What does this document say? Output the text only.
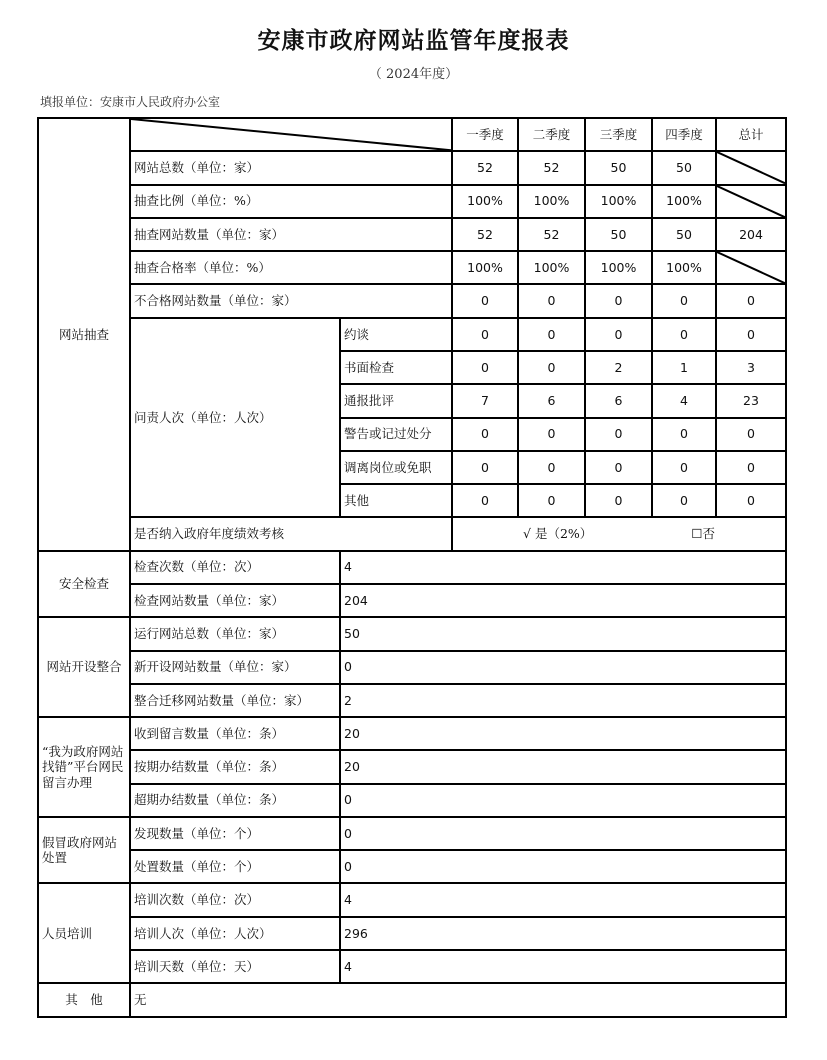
安康市政府网站监管年度报表
（ 2024年度）
填报单位：安康市人民政府办公室
网站抽查			一季度	二季度	三季度	四季度	总计
	网站总数（单位：家）		52	52	50	50	

	抽查比例（单位：%）		100%	100%	100%	100%	

	抽查网站数量（单位：家）		52	52	50	50	204
	抽查合格率（单位：%）		100%	100%	100%	100%	

	不合格网站数量（单位：家）		0	0	0	0	0
	问责人次（单位：人次）	约谈	0	0	0	0	0
		书面检查	0	0	2	1	3
		通报批评	7	6	6	4	23
		警告或记过处分	0	0	0	0	0
		调离岗位或免职	0	0	0	0	0
		其他	0	0	0	0	0
	是否纳入政府年度绩效考核		√ 是（2%） ☐否				
安全检查	检查次数（单位：次）	4					
	检查网站数量（单位：家）	204					
网站开设整合	运行网站总数（单位：家）	50					
	新开设网站数量（单位：家）	0					
	整合迁移网站数量（单位：家）	2					
“我为政府网站找错”平台网民留言办理	收到留言数量（单位：条）	20					
	按期办结数量（单位：条）	20					
	超期办结数量（单位：条）	0					
假冒政府网站处置	发现数量（单位：个）	0					
	处置数量（单位：个）	0					
人员培训	培训次数（单位：次）	4					
	培训人次（单位：人次）	296					
	培训天数（单位：天）	4					
其　他	无						
